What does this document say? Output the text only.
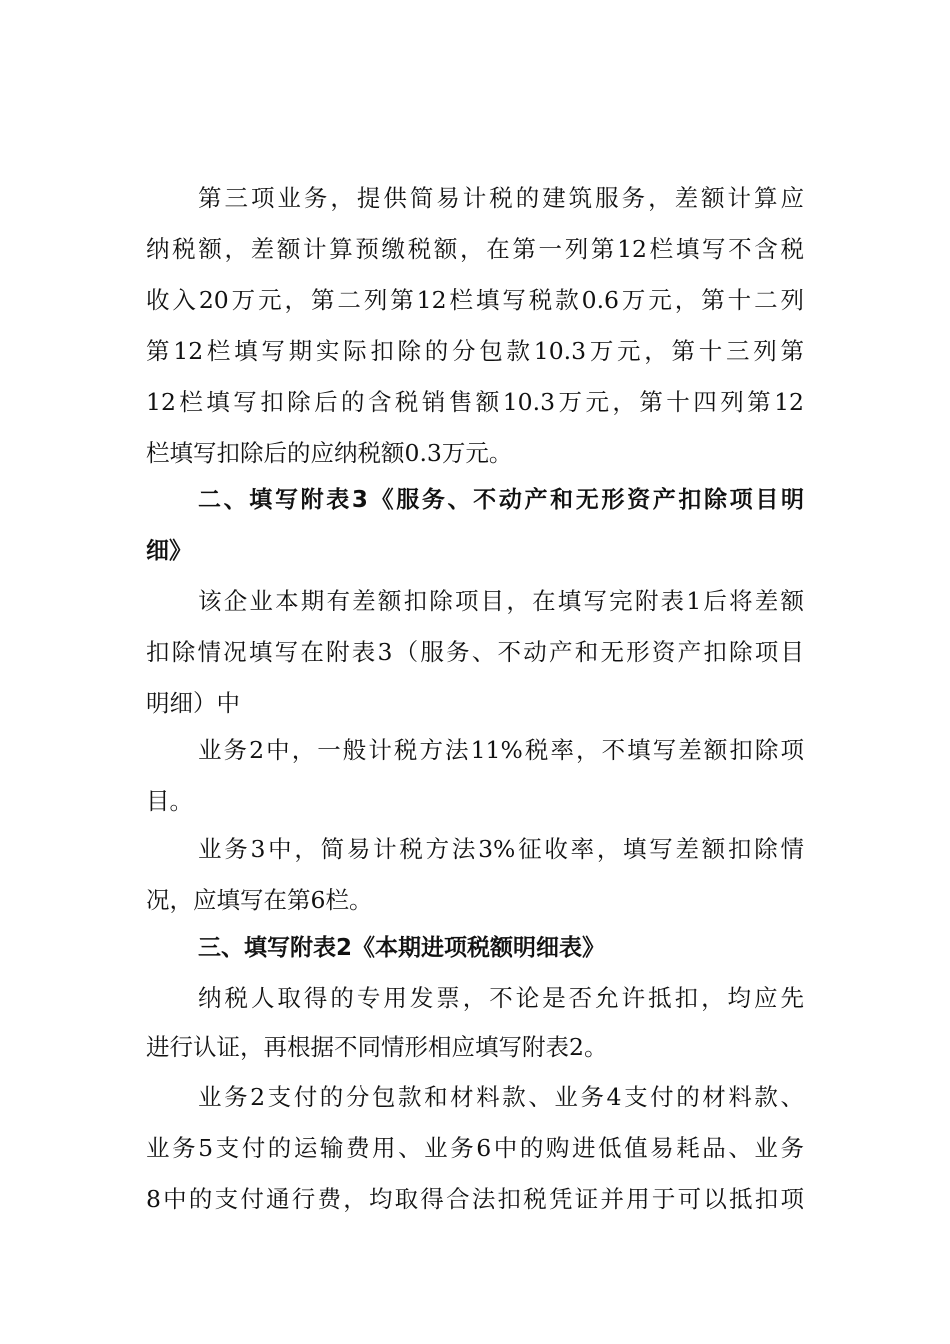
第三项业务，提供简易计税的建筑服务，差额计算应
纳税额，差额计算预缴税额，在第一列第12栏填写不含税
收入20万元，第二列第12栏填写税款0.6万元，第十二列
第12栏填写期实际扣除的分包款10.3万元，第十三列第
12栏填写扣除后的含税销售额10.3万元，第十四列第12
栏填写扣除后的应纳税额0.3万元。
二、填写附表3《服务、不动产和无形资产扣除项目明
细》
该企业本期有差额扣除项目，在填写完附表1后将差额
扣除情况填写在附表3（服务、不动产和无形资产扣除项目
明细）中
业务2中，一般计税方法11%税率，不填写差额扣除项
目。
业务3中，简易计税方法3%征收率，填写差额扣除情
况，应填写在第6栏。
三、填写附表2《本期进项税额明细表》
纳税人取得的专用发票，不论是否允许抵扣，均应先
进行认证，再根据不同情形相应填写附表2。
业务2支付的分包款和材料款、业务4支付的材料款、
业务5支付的运输费用、业务6中的购进低值易耗品、业务
8中的支付通行费，均取得合法扣税凭证并用于可以抵扣项
